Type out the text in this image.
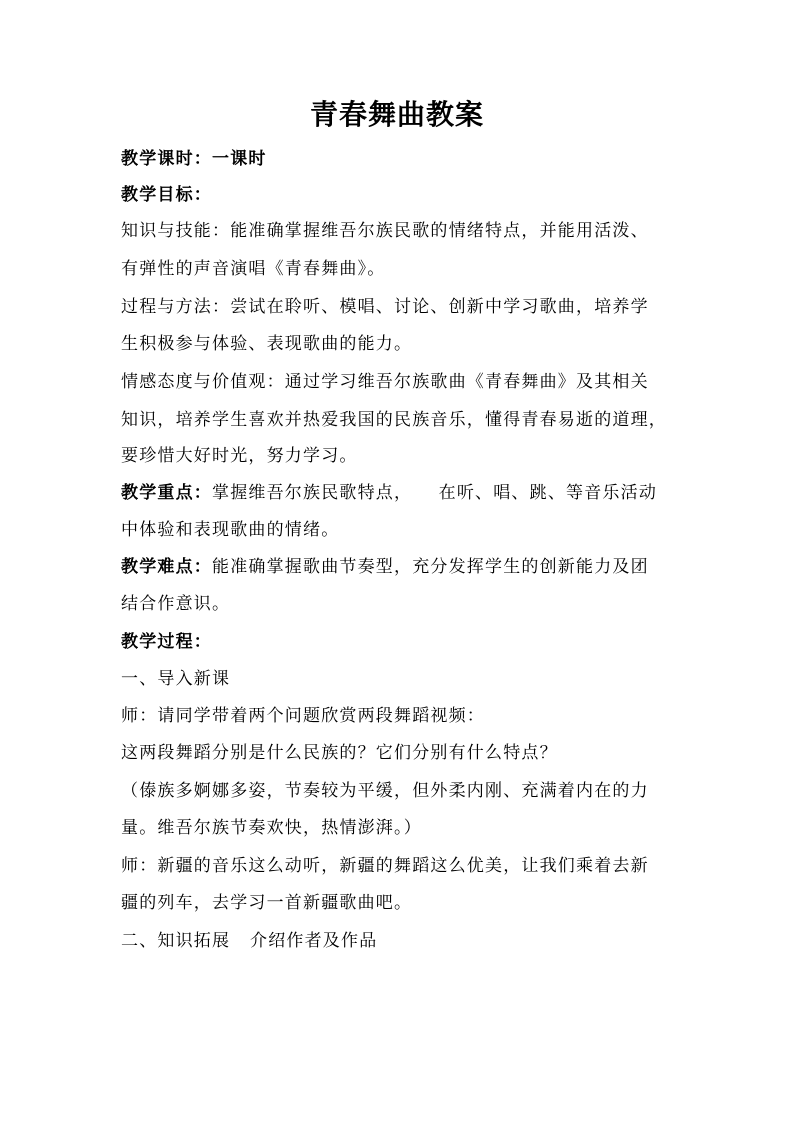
青春舞曲教案
教学课时：一课时
教学目标：
知识与技能：能准确掌握维吾尔族民歌的情绪特点，并能用活泼、
有弹性的声音演唱《青春舞曲》。
过程与方法：尝试在聆听、模唱、讨论、创新中学习歌曲，培养学
生积极参与体验、表现歌曲的能力。
情感态度与价值观：通过学习维吾尔族歌曲《青春舞曲》及其相关
知识，培养学生喜欢并热爱我国的民族音乐，懂得青春易逝的道理，
要珍惜大好时光，努力学习。
教学重点：掌握维吾尔族民歌特点，    在听、唱、跳、等音乐活动
中体验和表现歌曲的情绪。
教学难点：能准确掌握歌曲节奏型，充分发挥学生的创新能力及团
结合作意识。
教学过程：
一、导入新课
师：请同学带着两个问题欣赏两段舞蹈视频：
这两段舞蹈分别是什么民族的？它们分别有什么特点？
（傣族多婀娜多姿，节奏较为平缓，但外柔内刚、充满着内在的力
量。维吾尔族节奏欢快，热情澎湃。）
师：新疆的音乐这么动听，新疆的舞蹈这么优美，让我们乘着去新
疆的列车，去学习一首新疆歌曲吧。
二、知识拓展   介绍作者及作品
